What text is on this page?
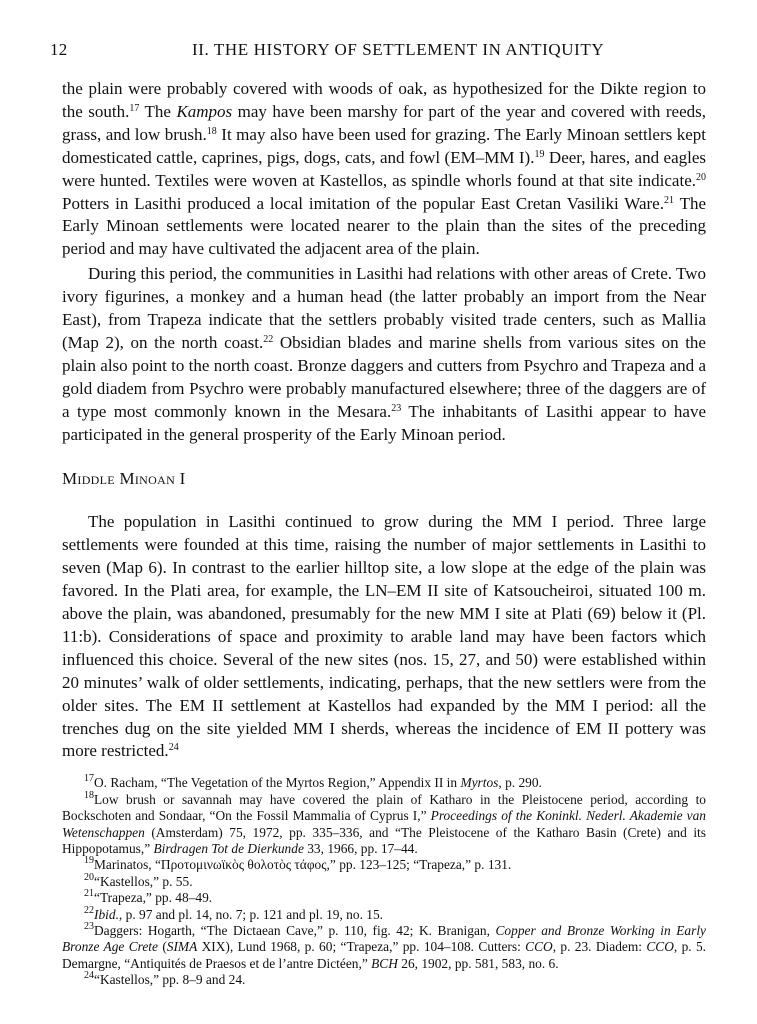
12	II. THE HISTORY OF SETTLEMENT IN ANTIQUITY

the plain were probably covered with woods of oak, as hypothesized for the Dikte region to the south.$^{17}$ The Kampos may have been marshy for part of the year and covered with reeds, grass, and low brush.$^{18}$ It may also have been used for grazing. The Early Minoan settlers kept domesticated cattle, caprines, pigs, dogs, cats, and fowl (EM–MM I).$^{19}$ Deer, hares, and eagles were hunted. Textiles were woven at Kastellos, as spindle whorls found at that site indicate.$^{20}$ Potters in Lasithi produced a local imitation of the popular East Cretan Vasiliki Ware.$^{21}$ The Early Minoan settlements were located nearer to the plain than the sites of the preceding period and may have cultivated the adjacent area of the plain.

During this period, the communities in Lasithi had relations with other areas of Crete. Two ivory figurines, a monkey and a human head (the latter probably an import from the Near East), from Trapeza indicate that the settlers probably visited trade centers, such as Mallia (Map 2), on the north coast.$^{22}$ Obsidian blades and marine shells from various sites on the plain also point to the north coast. Bronze daggers and cutters from Psychro and Trapeza and a gold diadem from Psychro were probably manufactured elsewhere; three of the daggers are of a type most commonly known in the Mesara.$^{23}$ The inhabitants of Lasithi appear to have participated in the general prosperity of the Early Minoan period.

Middle Minoan I

The population in Lasithi continued to grow during the MM I period. Three large settlements were founded at this time, raising the number of major settlements in Lasithi to seven (Map 6). In contrast to the earlier hilltop site, a low slope at the edge of the plain was favored. In the Plati area, for example, the LN–EM II site of Katsoucheiroi, situated 100 m. above the plain, was abandoned, presumably for the new MM I site at Plati (69) below it (Pl. 11:b). Considerations of space and proximity to arable land may have been factors which influenced this choice. Several of the new sites (nos. 15, 27, and 50) were established within 20 minutes’ walk of older settlements, indicating, perhaps, that the new settlers were from the older sites. The EM II settlement at Kastellos had expanded by the MM I period: all the trenches dug on the site yielded MM I sherds, whereas the incidence of EM II pottery was more restricted.$^{24}$

$^{17}$O. Racham, “The Vegetation of the Myrtos Region,” Appendix II in Myrtos, p. 290.

$^{18}$Low brush or savannah may have covered the plain of Katharo in the Pleistocene period, according to Bockschoten and Sondaar, “On the Fossil Mammalia of Cyprus I,” Proceedings of the Koninkl. Nederl. Akademie van Wetenschappen (Amsterdam) 75, 1972, pp. 335–336, and “The Pleistocene of the Katharo Basin (Crete) and its Hippopotamus,” Birdragen Tot de Dierkunde 33, 1966, pp. 17–44.

$^{19}$Marinatos, “Προτομινωϊκὸς θολοτὸς τάφος,” pp. 123–125; “Trapeza,” p. 131.

$^{20}$“Kastellos,” p. 55.

$^{21}$“Trapeza,” pp. 48–49.

$^{22}$Ibid., p. 97 and pl. 14, no. 7; p. 121 and pl. 19, no. 15.

$^{23}$Daggers: Hogarth, “The Dictaean Cave,” p. 110, fig. 42; K. Branigan, Copper and Bronze Working in Early Bronze Age Crete (SIMA XIX), Lund 1968, p. 60; “Trapeza,” pp. 104–108. Cutters: CCO, p. 23. Diadem: CCO, p. 5. Demargne, “Antiquités de Praesos et de l’antre Dictéen,” BCH 26, 1902, pp. 581, 583, no. 6.

$^{24}$“Kastellos,” pp. 8–9 and 24.
